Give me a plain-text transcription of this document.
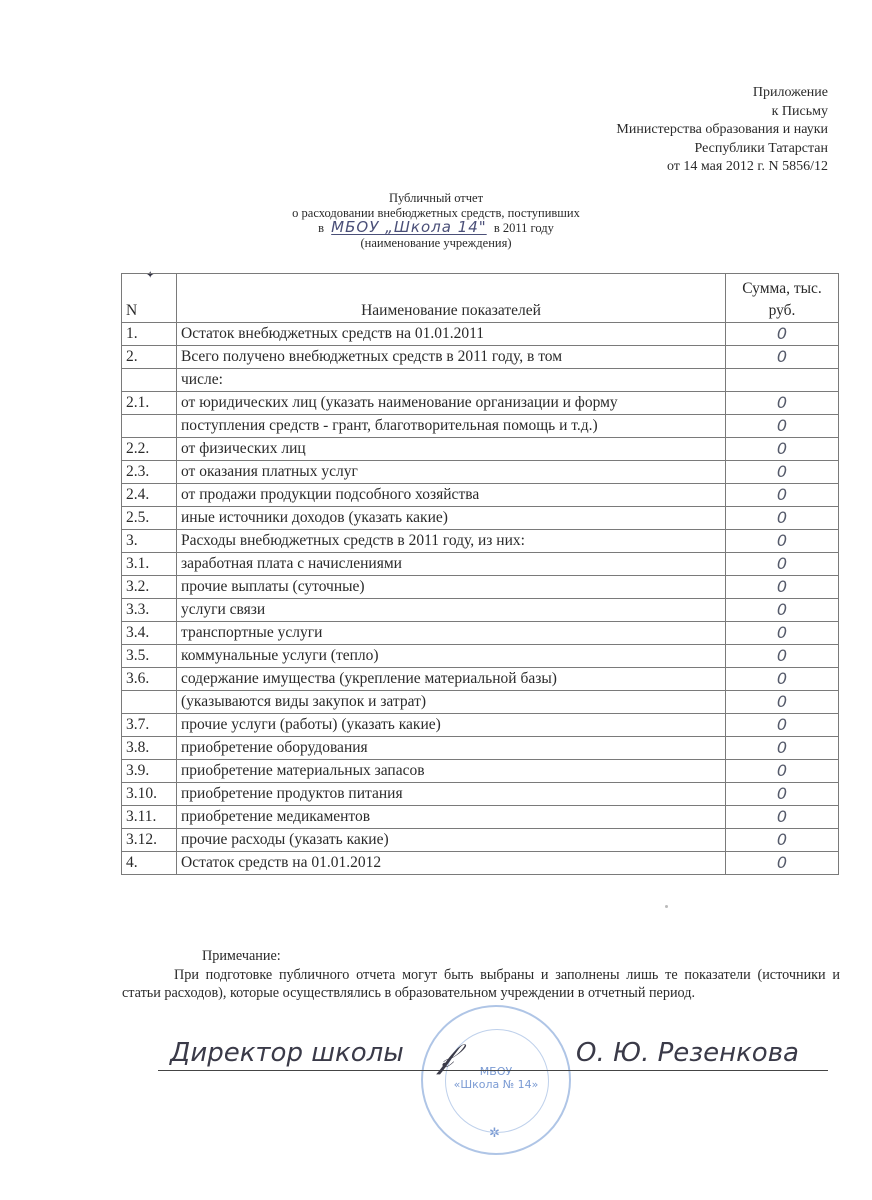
Приложение
к Письму
Министерства образования и науки
Республики Татарстан
от 14 мая 2012 г. N 5856/12
Публичный отчет
о расходовании внебюджетных средств, поступивших
в МБОУ „Школа 14" в 2011 году
(наименование учреждения)
✦
N	Наименование показателей	Сумма, тыс. руб.
1.	Остаток внебюджетных средств на 01.01.2011	0
2.	Всего получено внебюджетных средств в 2011 году, в том	0
	числе:	
2.1.	от юридических лиц (указать наименование организации и форму	0
	поступления средств - грант, благотворительная помощь и т.д.)	0
2.2.	от физических лиц	0
2.3.	от оказания платных услуг	0
2.4.	от продажи продукции подсобного хозяйства	0
2.5.	иные источники доходов (указать какие)	0
3.	Расходы внебюджетных средств в 2011 году, из них:	0
3.1.	заработная плата с начислениями	0
3.2.	прочие выплаты (суточные)	0
3.3.	услуги связи	0
3.4.	транспортные услуги	0
3.5.	коммунальные услуги (тепло)	0
3.6.	содержание имущества (укрепление материальной базы)	0
	(указываются виды закупок и затрат)	0
3.7.	прочие услуги (работы) (указать какие)	0
3.8.	приобретение оборудования	0
3.9.	приобретение материальных запасов	0
3.10.	приобретение продуктов питания	0
3.11.	приобретение медикаментов	0
3.12.	прочие расходы (указать какие)	0
4.	Остаток средств на 01.01.2012	0
Примечание:
При подготовке публичного отчета могут быть выбраны и заполнены лишь те показатели (источники и статьи расходов), которые осуществлялись в образовательном учреждении в отчетный период.
МБОУ
«Школа № 14»
✲
Директор школы 𝒻	О. Ю. Резенкова
